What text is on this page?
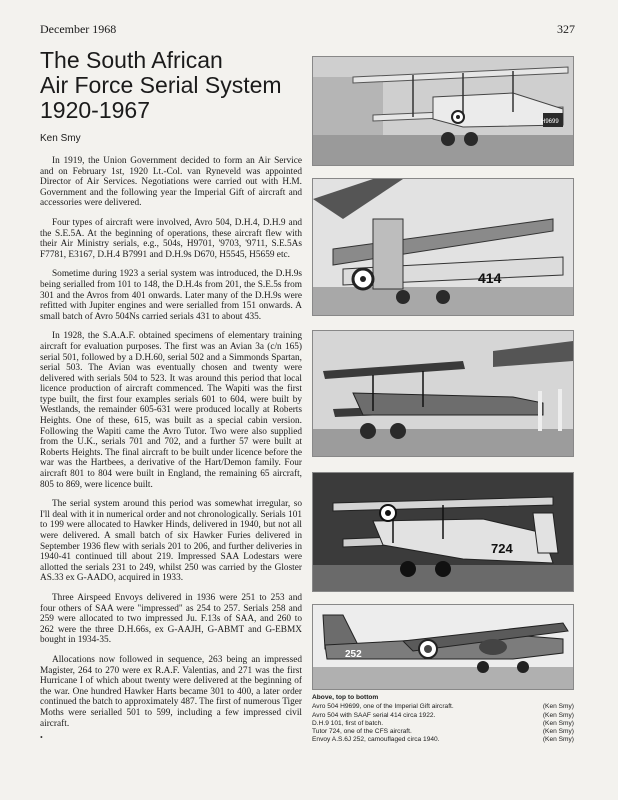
December 1968	327
The South African
Air Force Serial System
1920-1967
Ken Smy

In 1919, the Union Government decided to form an Air Service and on February 1st, 1920 Lt.-Col. van Ryneveld was appointed Director of Air Services. Negotiations were carried out with H.M. Government and the following year the Imperial Gift of aircraft and accessories were delivered.

Four types of aircraft were involved, Avro 504, D.H.4, D.H.9 and the S.E.5A. At the beginning of operations, these aircraft flew with their Air Ministry serials, e.g., 504s, H9701, '9703, '9711, S.E.5As F7781, E3167, D.H.4 B7991 and D.H.9s D670, H5545, H5659 etc.

Sometime during 1923 a serial system was introduced, the D.H.9s being serialled from 101 to 148, the D.H.4s from 201, the S.E.5s from 301 and the Avros from 401 onwards. Later many of the D.H.9s were refitted with Jupiter engines and were serialled from 151 onwards. A small batch of Avro 504Ns carried serials 431 to about 435.

In 1928, the S.A.A.F. obtained specimens of elementary training aircraft for evaluation purposes. The first was an Avian 3a (c/n 165) serial 501, followed by a D.H.60, serial 502 and a Simmonds Spartan, serial 503. The Avian was eventually chosen and twenty were delivered with serials 504 to 523. It was around this period that local licence production of aircraft commenced. The Wapiti was the first type built, the first four examples serials 601 to 604, were built by Westlands, the remainder 605-631 were produced locally at Roberts Heights. One of these, 615, was built as a special cabin version. Following the Wapiti came the Avro Tutor. Two were also supplied from the U.K., serials 701 and 702, and a further 57 were built at Roberts Heights. The final aircraft to be built under licence before the war was the Hartbees, a derivative of the Hart/Demon family. Four aircraft 801 to 804 were built in England, the remaining 65 aircraft, 805 to 869, were licence built.

The serial system around this period was somewhat irregular, so I'll deal with it in numerical order and not chronologically. Serials 101 to 199 were allocated to Hawker Hinds, delivered in 1940, but not all were delivered. A small batch of six Hawker Furies delivered in September 1936 flew with serials 201 to 206, and further deliveries in 1940-41 continued till about 219. Impressed SAA Lodestars were allotted the serials 231 to 249, whilst 250 was carried by the Gloster AS.33 ex G-AADO, acquired in 1933.

Three Airspeed Envoys delivered in 1936 were 251 to 253 and four others of SAA were "impressed" as 254 to 257. Serials 258 and 259 were allocated to two impressed Ju. F.13s of SAA, and 260 to 262 were the three D.H.66s, ex G-AAJH, G-ABMT and G-EBMX bought in 1934-35.

Allocations now followed in sequence, 263 being an impressed Magister, 264 to 270 were ex R.A.F. Valentias, and 271 was the first Hurricane I of which about twenty were delivered at the beginning of the war. One hundred Hawker Harts became 301 to 400, a later order continued the batch to approximately 487. The first of numerous Tiger Moths were serialled 501 to 599, including a few impressed civil aircraft.

H9699
414
724
252
Above, top to bottom
Avro 504 H9699, one of the Imperial Gift aircraft.	(Ken Smy)
Avro 504 with SAAF serial 414 circa 1922.	(Ken Smy)
D.H.9 101, first of batch.	(Ken Smy)
Tutor 724, one of the CFS aircraft.	(Ken Smy)
Envoy A.S.6J 252, camouflaged circa 1940.	(Ken Smy)
•
